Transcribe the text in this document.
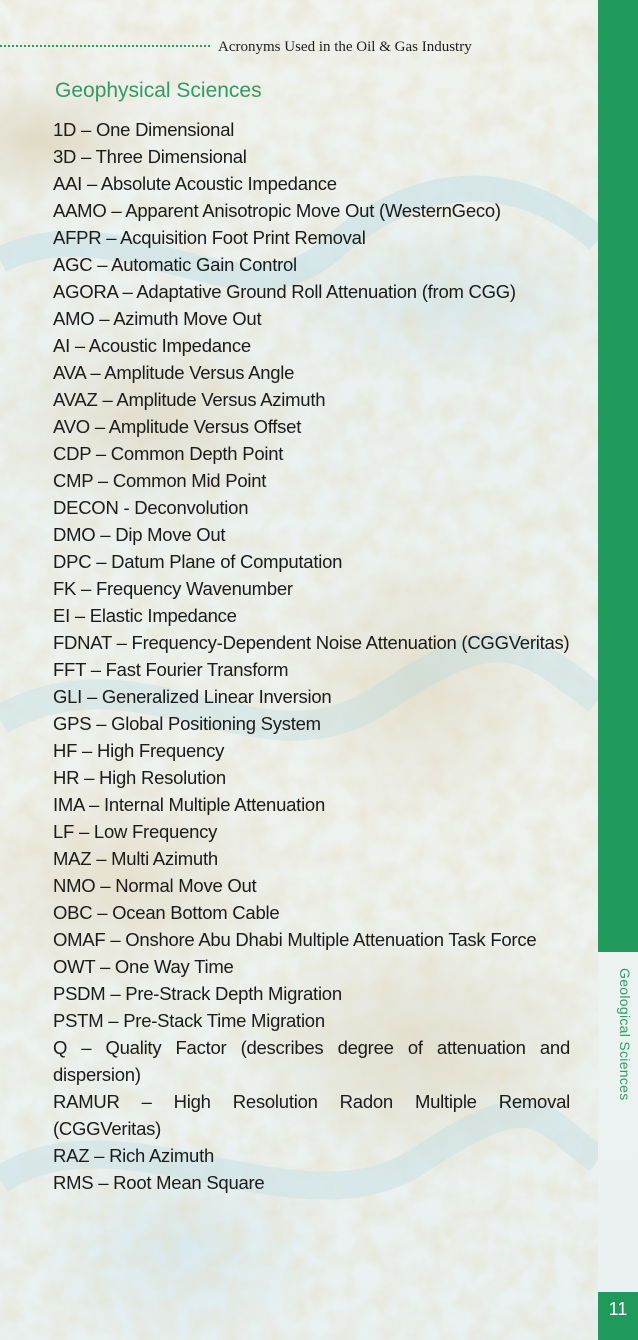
Acronyms Used in the Oil & Gas Industry
Geological Sciences
Geophysical Sciences
1D – One Dimensional
3D – Three Dimensional
AAI – Absolute Acoustic Impedance
AAMO – Apparent Anisotropic Move Out (WesternGeco)
AFPR – Acquisition Foot Print Removal
AGC – Automatic Gain Control
AGORA – Adaptative Ground Roll Attenuation (from CGG)
AMO – Azimuth Move Out
AI – Acoustic Impedance
AVA – Amplitude Versus Angle
AVAZ – Amplitude Versus Azimuth
AVO – Amplitude Versus Offset
CDP – Common Depth Point
CMP – Common Mid Point
DECON - Deconvolution
DMO – Dip Move Out
DPC – Datum Plane of Computation
FK – Frequency Wavenumber
EI – Elastic Impedance
FDNAT – Frequency-Dependent Noise Attenuation (CGGVeritas)
FFT – Fast Fourier Transform
GLI – Generalized Linear Inversion
GPS – Global Positioning System
HF – High Frequency
HR – High Resolution
IMA – Internal Multiple Attenuation
LF – Low Frequency
MAZ – Multi Azimuth
NMO – Normal Move Out
OBC – Ocean Bottom Cable
OMAF – Onshore Abu Dhabi Multiple Attenuation Task Force
OWT – One Way Time
PSDM – Pre-Strack Depth Migration
PSTM – Pre-Stack Time Migration
Q – Quality Factor (describes degree of attenuation and dispersion)
RAMUR – High Resolution Radon Multiple Removal (CGGVeritas)
RAZ – Rich Azimuth
RMS – Root Mean Square
11
